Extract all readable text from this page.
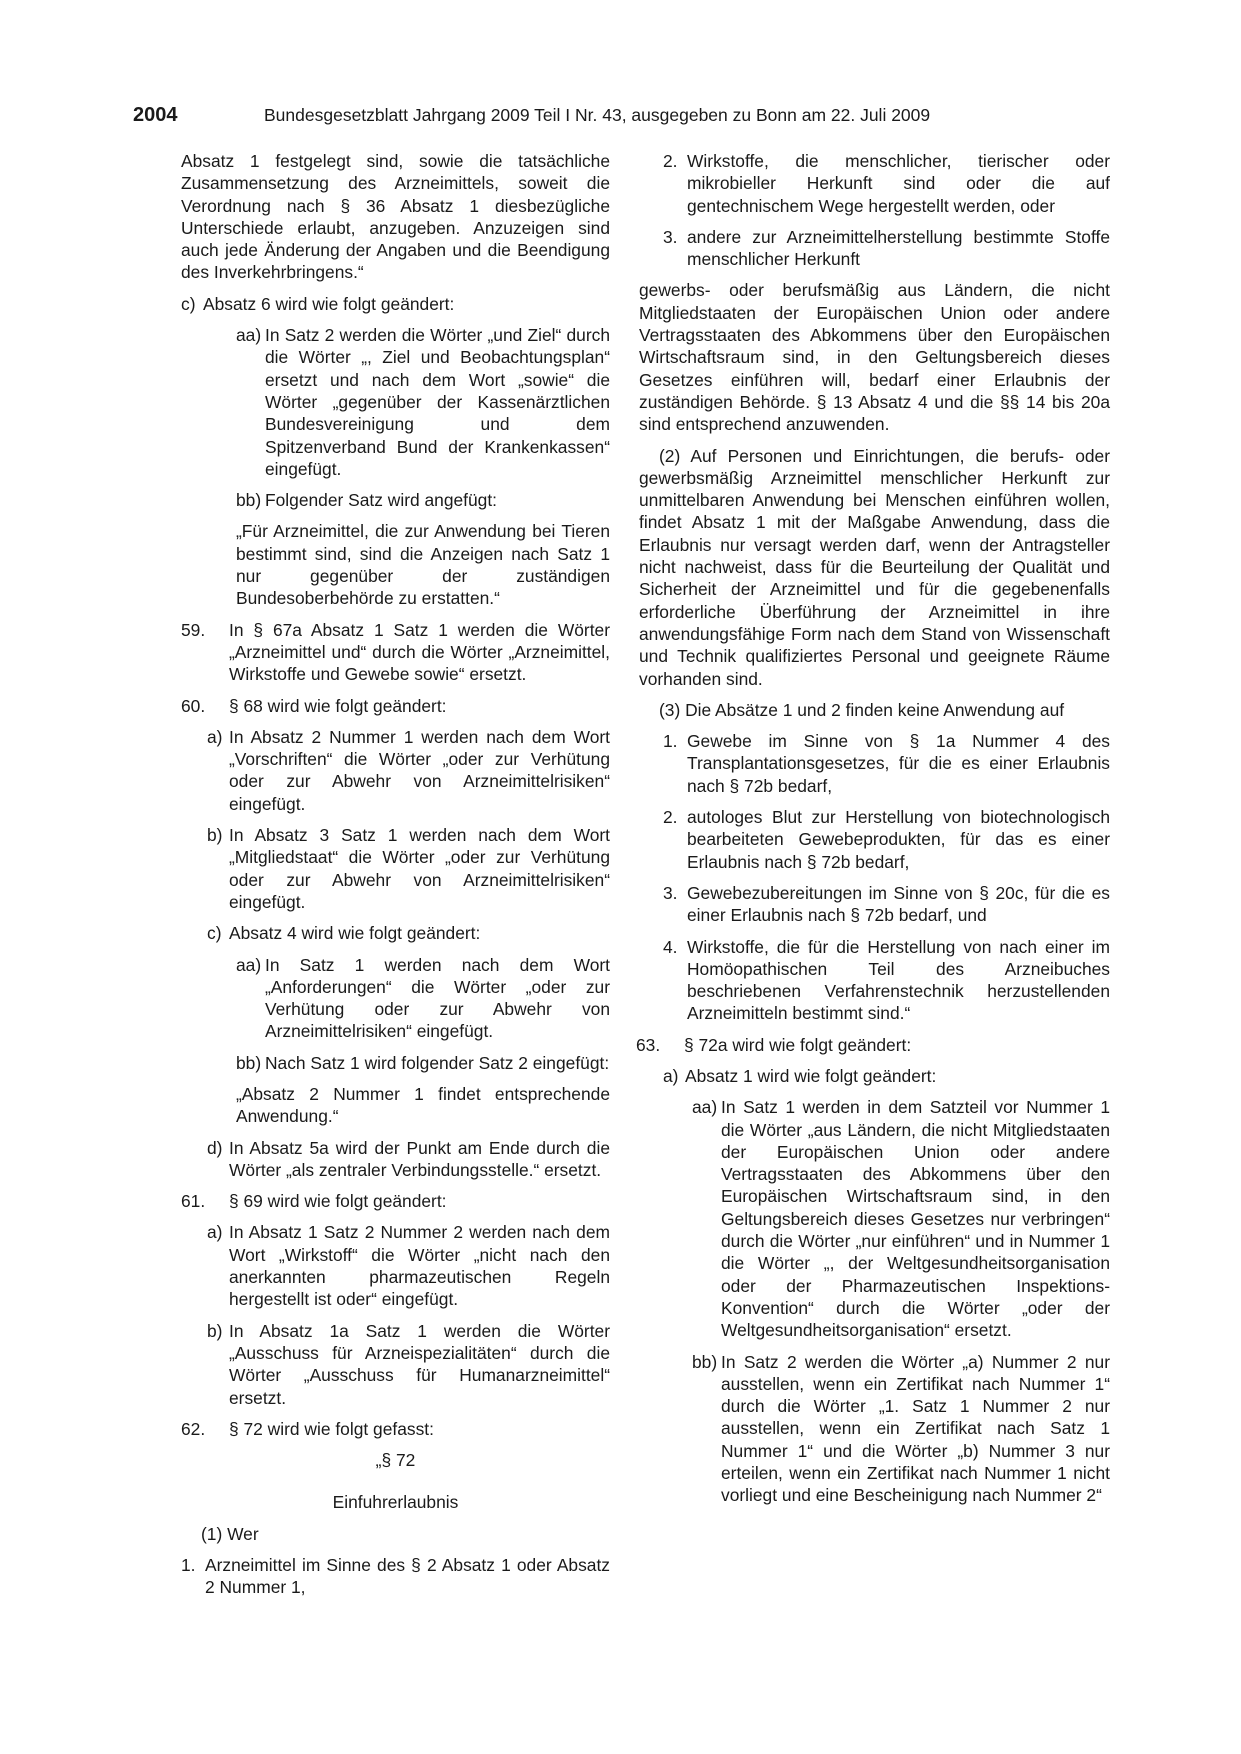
2004	Bundesgesetzblatt Jahrgang 2009 Teil I Nr. 43, ausgegeben zu Bonn am 22. Juli 2009
Absatz 1 festgelegt sind, sowie die tatsächliche Zusammensetzung des Arzneimittels, soweit die Verordnung nach § 36 Absatz 1 diesbezügliche Unterschiede erlaubt, anzugeben. Anzuzeigen sind auch jede Änderung der Angaben und die Beendigung des Inverkehrbringens.“
c) Absatz 6 wird wie folgt geändert:
aa) In Satz 2 werden die Wörter „und Ziel“ durch die Wörter „, Ziel und Beobachtungsplan“ ersetzt und nach dem Wort „sowie“ die Wörter „gegenüber der Kassenärztlichen Bundesvereinigung und dem Spitzenverband Bund der Krankenkassen“ eingefügt.
bb) Folgender Satz wird angefügt:
„Für Arzneimittel, die zur Anwendung bei Tieren bestimmt sind, sind die Anzeigen nach Satz 1 nur gegenüber der zuständigen Bundesoberbehörde zu erstatten.“
59. In § 67a Absatz 1 Satz 1 werden die Wörter „Arzneimittel und“ durch die Wörter „Arzneimittel, Wirkstoffe und Gewebe sowie“ ersetzt.
60. § 68 wird wie folgt geändert:
a) In Absatz 2 Nummer 1 werden nach dem Wort „Vorschriften“ die Wörter „oder zur Verhütung oder zur Abwehr von Arzneimittelrisiken“ eingefügt.
b) In Absatz 3 Satz 1 werden nach dem Wort „Mitgliedstaat“ die Wörter „oder zur Verhütung oder zur Abwehr von Arzneimittelrisiken“ eingefügt.
c) Absatz 4 wird wie folgt geändert:
aa) In Satz 1 werden nach dem Wort „Anforderungen“ die Wörter „oder zur Verhütung oder zur Abwehr von Arzneimittelrisiken“ eingefügt.
bb) Nach Satz 1 wird folgender Satz 2 eingefügt:
„Absatz 2 Nummer 1 findet entsprechende Anwendung.“
d) In Absatz 5a wird der Punkt am Ende durch die Wörter „als zentraler Verbindungsstelle.“ ersetzt.
61. § 69 wird wie folgt geändert:
a) In Absatz 1 Satz 2 Nummer 2 werden nach dem Wort „Wirkstoff“ die Wörter „nicht nach den anerkannten pharmazeutischen Regeln hergestellt ist oder“ eingefügt.
b) In Absatz 1a Satz 1 werden die Wörter „Ausschuss für Arzneispezialitäten“ durch die Wörter „Ausschuss für Humanarzneimittel“ ersetzt.
62. § 72 wird wie folgt gefasst:
„§ 72
Einfuhrerlaubnis
(1) Wer
1. Arzneimittel im Sinne des § 2 Absatz 1 oder Absatz 2 Nummer 1,
2. Wirkstoffe, die menschlicher, tierischer oder mikrobieller Herkunft sind oder die auf gentechnischem Wege hergestellt werden, oder
3. andere zur Arzneimittelherstellung bestimmte Stoffe menschlicher Herkunft
gewerbs- oder berufsmäßig aus Ländern, die nicht Mitgliedstaaten der Europäischen Union oder andere Vertragsstaaten des Abkommens über den Europäischen Wirtschaftsraum sind, in den Geltungsbereich dieses Gesetzes einführen will, bedarf einer Erlaubnis der zuständigen Behörde. § 13 Absatz 4 und die §§ 14 bis 20a sind entsprechend anzuwenden.
(2) Auf Personen und Einrichtungen, die berufs- oder gewerbsmäßig Arzneimittel menschlicher Herkunft zur unmittelbaren Anwendung bei Menschen einführen wollen, findet Absatz 1 mit der Maßgabe Anwendung, dass die Erlaubnis nur versagt werden darf, wenn der Antragsteller nicht nachweist, dass für die Beurteilung der Qualität und Sicherheit der Arzneimittel und für die gegebenenfalls erforderliche Überführung der Arzneimittel in ihre anwendungsfähige Form nach dem Stand von Wissenschaft und Technik qualifiziertes Personal und geeignete Räume vorhanden sind.
(3) Die Absätze 1 und 2 finden keine Anwendung auf
1. Gewebe im Sinne von § 1a Nummer 4 des Transplantationsgesetzes, für die es einer Erlaubnis nach § 72b bedarf,
2. autologes Blut zur Herstellung von biotechnologisch bearbeiteten Gewebeprodukten, für das es einer Erlaubnis nach § 72b bedarf,
3. Gewebezubereitungen im Sinne von § 20c, für die es einer Erlaubnis nach § 72b bedarf, und
4. Wirkstoffe, die für die Herstellung von nach einer im Homöopathischen Teil des Arzneibuches beschriebenen Verfahrenstechnik herzustellenden Arzneimitteln bestimmt sind.“
63. § 72a wird wie folgt geändert:
a) Absatz 1 wird wie folgt geändert:
aa) In Satz 1 werden in dem Satzteil vor Nummer 1 die Wörter „aus Ländern, die nicht Mitgliedstaaten der Europäischen Union oder andere Vertragsstaaten des Abkommens über den Europäischen Wirtschaftsraum sind, in den Geltungsbereich dieses Gesetzes nur verbringen“ durch die Wörter „nur einführen“ und in Nummer 1 die Wörter „, der Weltgesundheitsorganisation oder der Pharmazeutischen Inspektions-Konvention“ durch die Wörter „oder der Weltgesundheitsorganisation“ ersetzt.
bb) In Satz 2 werden die Wörter „a) Nummer 2 nur ausstellen, wenn ein Zertifikat nach Nummer 1“ durch die Wörter „1. Satz 1 Nummer 2 nur ausstellen, wenn ein Zertifikat nach Satz 1 Nummer 1“ und die Wörter „b) Nummer 3 nur erteilen, wenn ein Zertifikat nach Nummer 1 nicht vorliegt und eine Bescheinigung nach Nummer 2“
